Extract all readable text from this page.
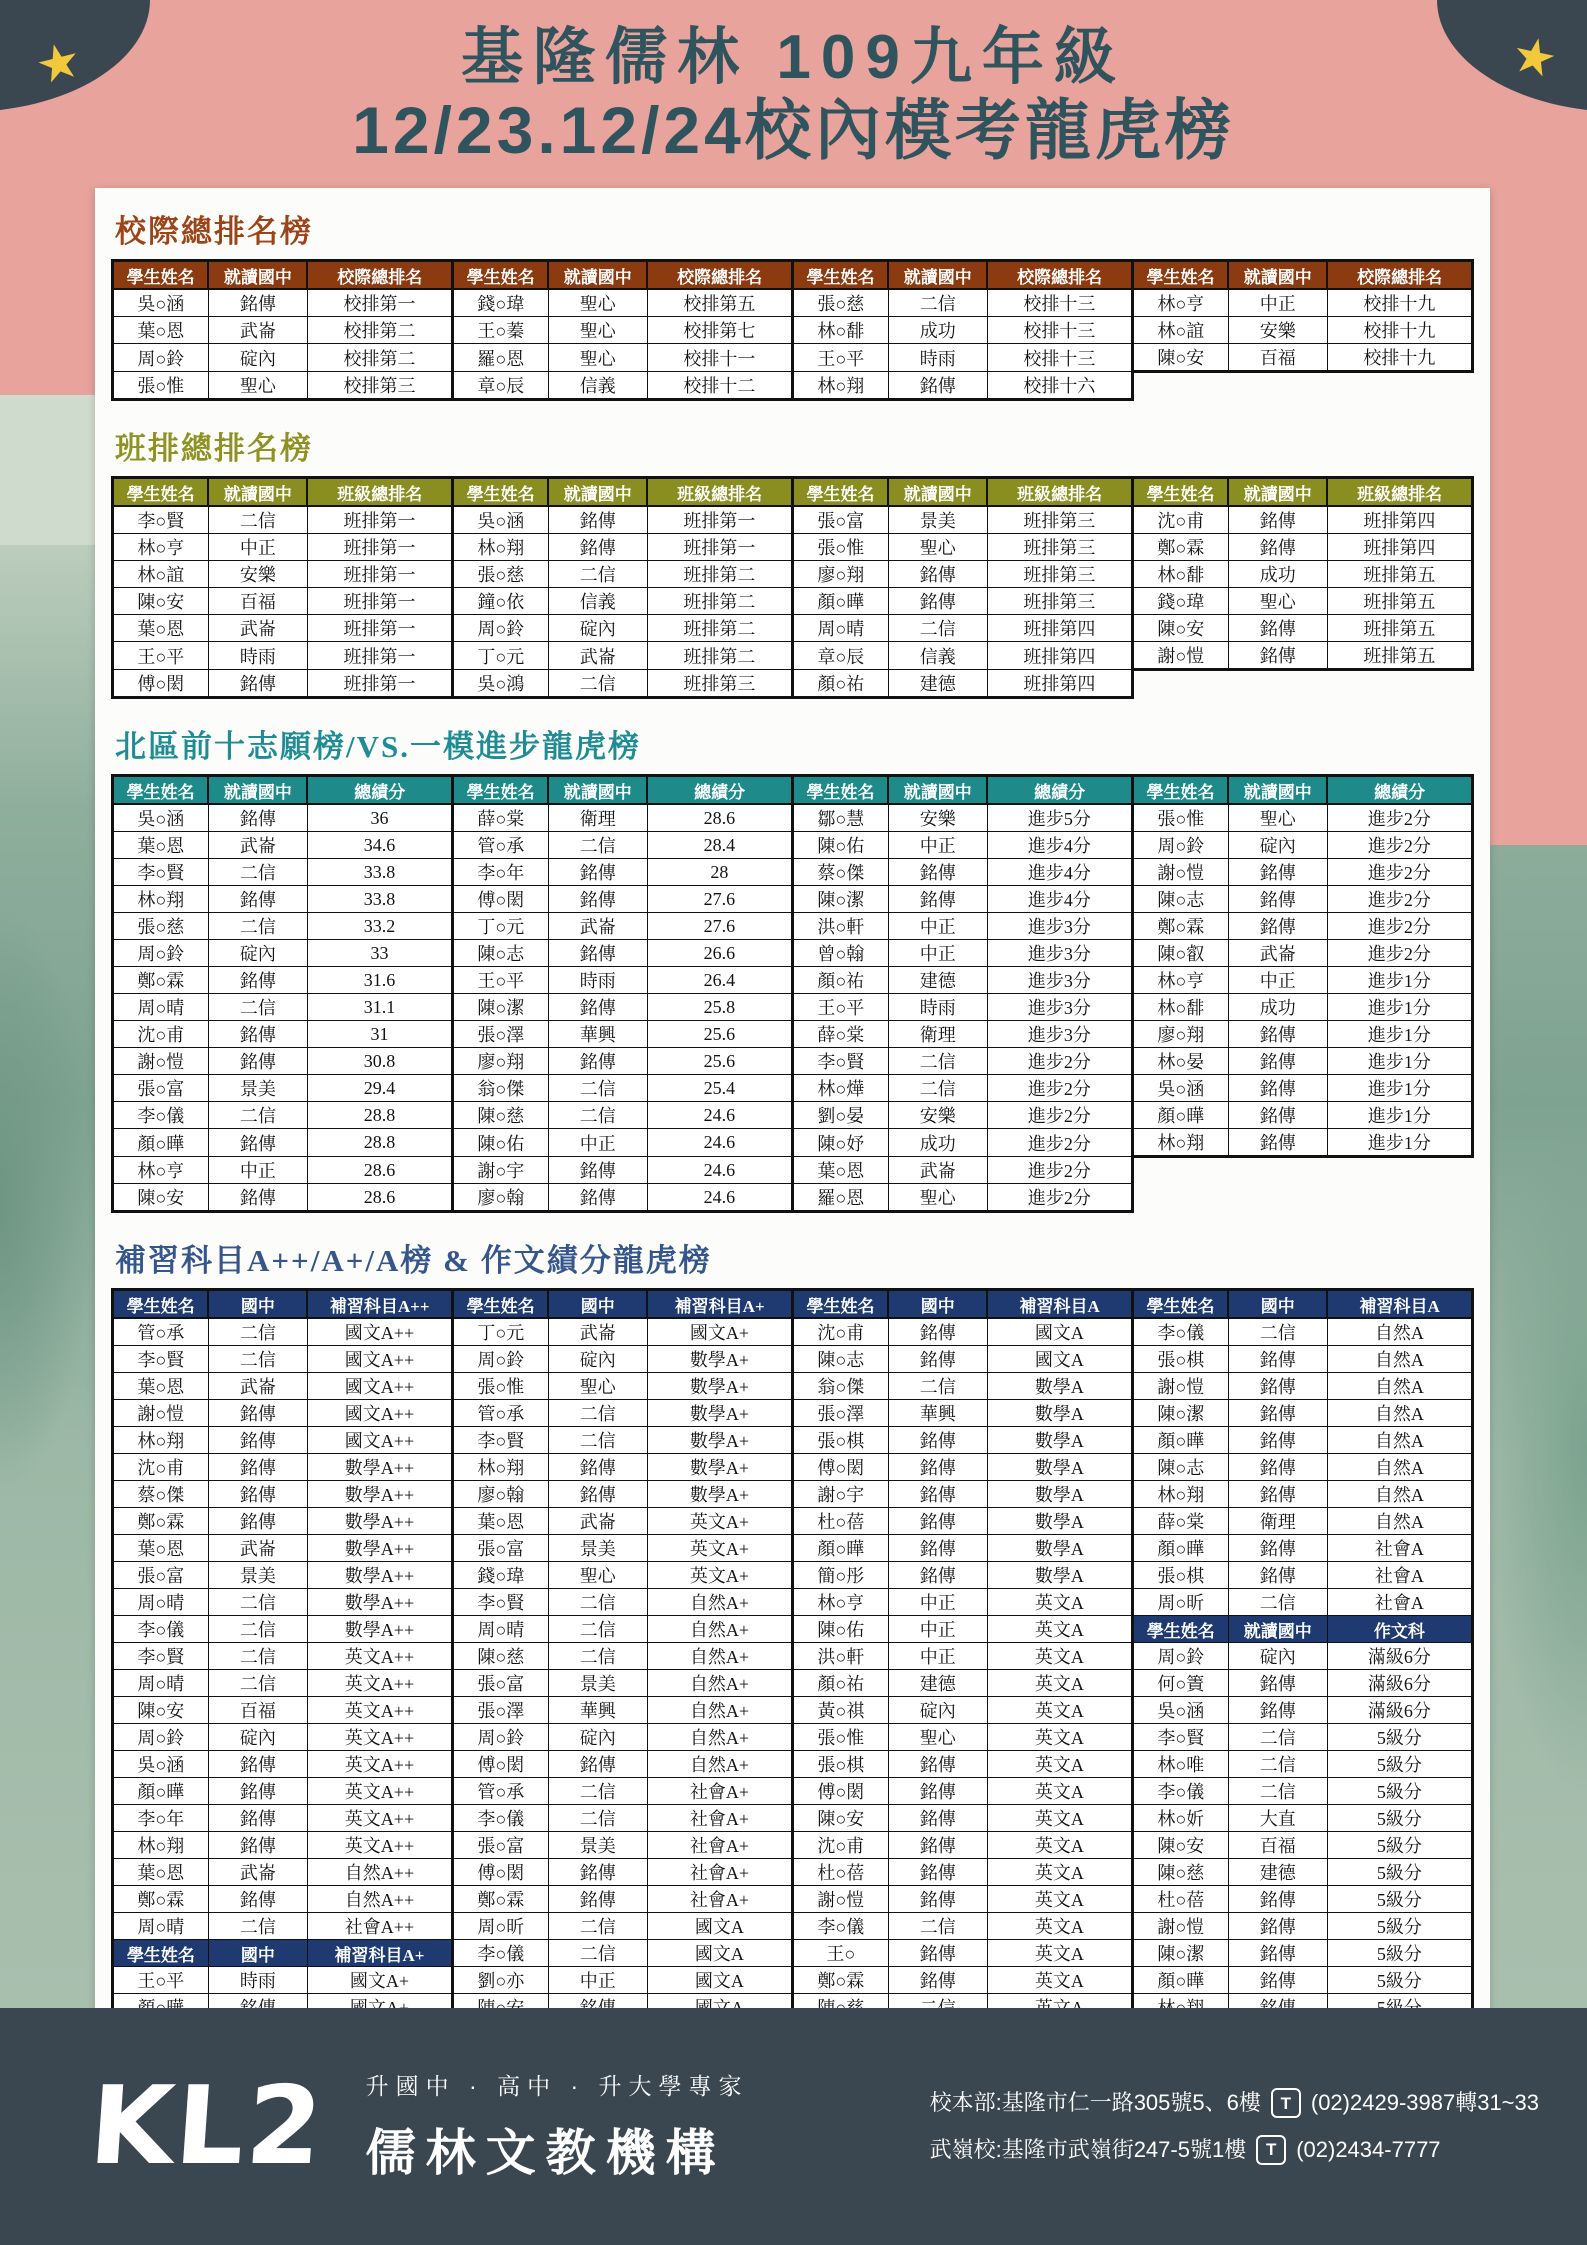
★	★
基隆儒林 109九年級
12/23.12/24校內模考龍虎榜
校際總排名榜
學生姓名	就讀國中	校際總排名	學生姓名	就讀國中	校際總排名	學生姓名	就讀國中	校際總排名	學生姓名	就讀國中	校際總排名
吳○涵	銘傳	校排第一	錢○瑋	聖心	校排第五	張○慈	二信	校排十三	林○亨	中正	校排十九
葉○恩	武崙	校排第二	王○蓁	聖心	校排第七	林○馡	成功	校排十三	林○誼	安樂	校排十九
周○鈴	碇內	校排第二	羅○恩	聖心	校排十一	王○平	時雨	校排十三	陳○安	百福	校排十九
張○惟	聖心	校排第三	章○辰	信義	校排十二	林○翔	銘傳	校排十六			
班排總排名榜
學生姓名	就讀國中	班級總排名	學生姓名	就讀國中	班級總排名	學生姓名	就讀國中	班級總排名	學生姓名	就讀國中	班級總排名
李○賢	二信	班排第一	吳○涵	銘傳	班排第一	張○富	景美	班排第三	沈○甫	銘傳	班排第四
林○亨	中正	班排第一	林○翔	銘傳	班排第一	張○惟	聖心	班排第三	鄭○霖	銘傳	班排第四
林○誼	安樂	班排第一	張○慈	二信	班排第二	廖○翔	銘傳	班排第三	林○馡	成功	班排第五
陳○安	百福	班排第一	鐘○依	信義	班排第二	顏○曄	銘傳	班排第三	錢○瑋	聖心	班排第五
葉○恩	武崙	班排第一	周○鈴	碇內	班排第二	周○晴	二信	班排第四	陳○安	銘傳	班排第五
王○平	時雨	班排第一	丁○元	武崙	班排第二	章○辰	信義	班排第四	謝○愷	銘傳	班排第五
傅○閎	銘傳	班排第一	吳○鴻	二信	班排第三	顏○祐	建德	班排第四			
北區前十志願榜/VS.一模進步龍虎榜
學生姓名	就讀國中	總績分	學生姓名	就讀國中	總績分	學生姓名	就讀國中	總績分	學生姓名	就讀國中	總績分
吳○涵	銘傳	36	薛○棠	衛理	28.6	鄒○慧	安樂	進步5分	張○惟	聖心	進步2分
葉○恩	武崙	34.6	管○承	二信	28.4	陳○佑	中正	進步4分	周○鈴	碇內	進步2分
李○賢	二信	33.8	李○年	銘傳	28	蔡○傑	銘傳	進步4分	謝○愷	銘傳	進步2分
林○翔	銘傳	33.8	傅○閎	銘傳	27.6	陳○潔	銘傳	進步4分	陳○志	銘傳	進步2分
張○慈	二信	33.2	丁○元	武崙	27.6	洪○軒	中正	進步3分	鄭○霖	銘傳	進步2分
周○鈴	碇內	33	陳○志	銘傳	26.6	曾○翰	中正	進步3分	陳○叡	武崙	進步2分
鄭○霖	銘傳	31.6	王○平	時雨	26.4	顏○祐	建德	進步3分	林○亨	中正	進步1分
周○晴	二信	31.1	陳○潔	銘傳	25.8	王○平	時雨	進步3分	林○馡	成功	進步1分
沈○甫	銘傳	31	張○澤	華興	25.6	薛○棠	衛理	進步3分	廖○翔	銘傳	進步1分
謝○愷	銘傳	30.8	廖○翔	銘傳	25.6	李○賢	二信	進步2分	林○晏	銘傳	進步1分
張○富	景美	29.4	翁○傑	二信	25.4	林○燁	二信	進步2分	吳○涵	銘傳	進步1分
李○儀	二信	28.8	陳○慈	二信	24.6	劉○晏	安樂	進步2分	顏○曄	銘傳	進步1分
顏○曄	銘傳	28.8	陳○佑	中正	24.6	陳○妤	成功	進步2分	林○翔	銘傳	進步1分
林○亨	中正	28.6	謝○宇	銘傳	24.6	葉○恩	武崙	進步2分			
陳○安	銘傳	28.6	廖○翰	銘傳	24.6	羅○恩	聖心	進步2分			
補習科目A++/A+/A榜 & 作文績分龍虎榜
學生姓名	國中	補習科目A++	學生姓名	國中	補習科目A+	學生姓名	國中	補習科目A	學生姓名	國中	補習科目A
管○承	二信	國文A++	丁○元	武崙	國文A+	沈○甫	銘傳	國文A	李○儀	二信	自然A
李○賢	二信	國文A++	周○鈴	碇內	數學A+	陳○志	銘傳	國文A	張○棋	銘傳	自然A
葉○恩	武崙	國文A++	張○惟	聖心	數學A+	翁○傑	二信	數學A	謝○愷	銘傳	自然A
謝○愷	銘傳	國文A++	管○承	二信	數學A+	張○澤	華興	數學A	陳○潔	銘傳	自然A
林○翔	銘傳	國文A++	李○賢	二信	數學A+	張○棋	銘傳	數學A	顏○曄	銘傳	自然A
沈○甫	銘傳	數學A++	林○翔	銘傳	數學A+	傅○閎	銘傳	數學A	陳○志	銘傳	自然A
蔡○傑	銘傳	數學A++	廖○翰	銘傳	數學A+	謝○宇	銘傳	數學A	林○翔	銘傳	自然A
鄭○霖	銘傳	數學A++	葉○恩	武崙	英文A+	杜○蓓	銘傳	數學A	薛○棠	衛理	自然A
葉○恩	武崙	數學A++	張○富	景美	英文A+	顏○曄	銘傳	數學A	顏○曄	銘傳	社會A
張○富	景美	數學A++	錢○瑋	聖心	英文A+	簡○彤	銘傳	數學A	張○棋	銘傳	社會A
周○晴	二信	數學A++	李○賢	二信	自然A+	林○亨	中正	英文A	周○昕	二信	社會A
李○儀	二信	數學A++	周○晴	二信	自然A+	陳○佑	中正	英文A	學生姓名	就讀國中	作文科
李○賢	二信	英文A++	陳○慈	二信	自然A+	洪○軒	中正	英文A	周○鈴	碇內	滿級6分
周○晴	二信	英文A++	張○富	景美	自然A+	顏○祐	建德	英文A	何○簀	銘傳	滿級6分
陳○安	百福	英文A++	張○澤	華興	自然A+	黃○祺	碇內	英文A	吳○涵	銘傳	滿級6分
周○鈴	碇內	英文A++	周○鈴	碇內	自然A+	張○惟	聖心	英文A	李○賢	二信	5級分
吳○涵	銘傳	英文A++	傅○閎	銘傳	自然A+	張○棋	銘傳	英文A	林○唯	二信	5級分
顏○曄	銘傳	英文A++	管○承	二信	社會A+	傅○閎	銘傳	英文A	李○儀	二信	5級分
李○年	銘傳	英文A++	李○儀	二信	社會A+	陳○安	銘傳	英文A	林○妡	大直	5級分
林○翔	銘傳	英文A++	張○富	景美	社會A+	沈○甫	銘傳	英文A	陳○安	百福	5級分
葉○恩	武崙	自然A++	傅○閎	銘傳	社會A+	杜○蓓	銘傳	英文A	陳○慈	建德	5級分
鄭○霖	銘傳	自然A++	鄭○霖	銘傳	社會A+	謝○愷	銘傳	英文A	杜○蓓	銘傳	5級分
周○晴	二信	社會A++	周○昕	二信	國文A	李○儀	二信	英文A	謝○愷	銘傳	5級分
學生姓名	國中	補習科目A+	李○儀	二信	國文A	王○	銘傳	英文A	陳○潔	銘傳	5級分
王○平	時雨	國文A+	劉○亦	中正	國文A	鄭○霖	銘傳	英文A	顏○曄	銘傳	5級分

KL2 升國中 · 高中 · 升大學專家
儒林文教機構
校本部:基隆市仁一路305號5、6樓	T (02)2429-3987轉31~33
武嶺校:基隆市武嶺街247-5號1樓	T (02)2434-7777
